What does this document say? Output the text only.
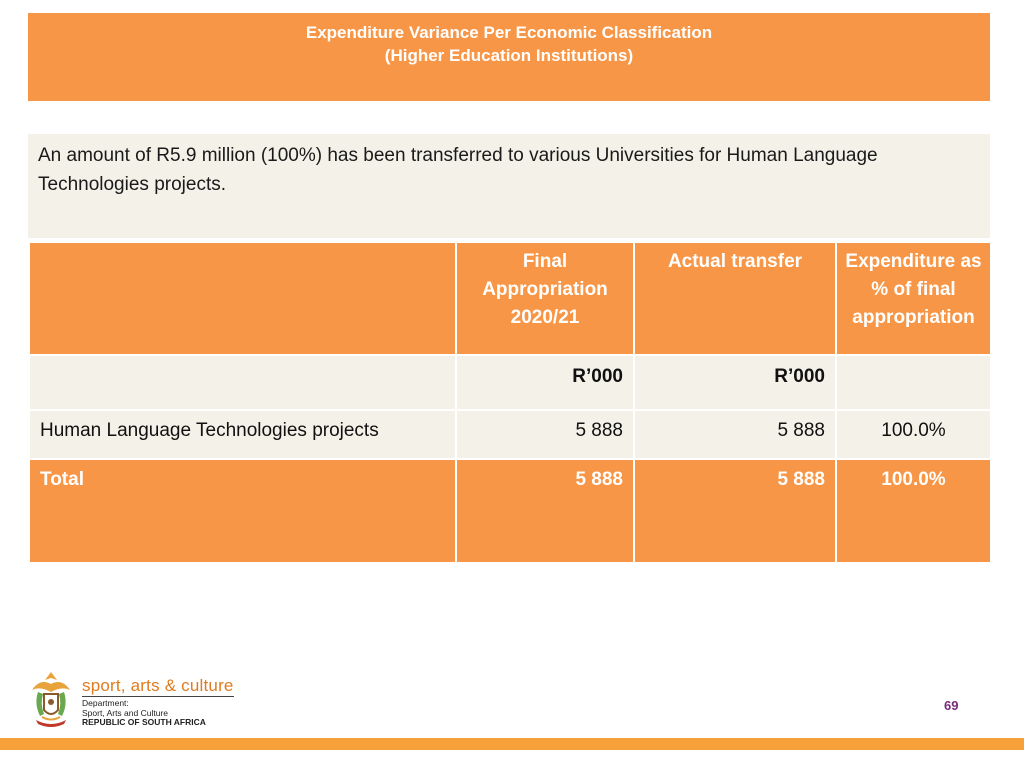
Expenditure Variance Per Economic Classification
(Higher Education Institutions)
An amount of R5.9 million (100%) has been transferred to various Universities for Human Language Technologies projects.
	Final Appropriation 2020/21	Actual transfer	Expenditure as % of final appropriation
	R’000	R’000	
Human Language Technologies projects	5 888	5 888	100.0%
Total	5 888	5 888	100.0%
sport, arts & culture
Department:
Sport, Arts and Culture
REPUBLIC OF SOUTH AFRICA
69
